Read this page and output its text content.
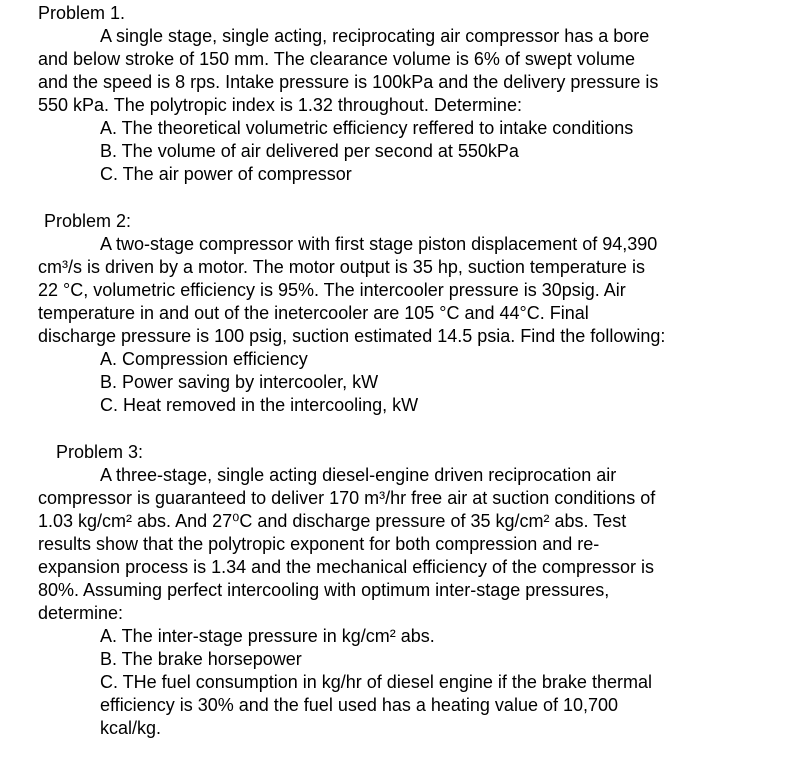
Problem 1.
A single stage, single acting, reciprocating air compressor has a bore
and below stroke of 150 mm. The clearance volume is 6% of swept volume
and the speed is 8 rps. Intake pressure is 100kPa and the delivery pressure is
550 kPa. The polytropic index is 1.32 throughout. Determine:
A. The theoretical volumetric efficiency reffered to intake conditions
B. The volume of air delivered per second at 550kPa
C. The air power of compressor
Problem 2:
A two-stage compressor with first stage piston displacement of 94,390
cm³/s is driven by a motor. The motor output is 35 hp, suction temperature is
22 °C, volumetric efficiency is 95%. The intercooler pressure is 30psig. Air
temperature in and out of the inetercooler are 105 °C and 44°C. Final
discharge pressure is 100 psig, suction estimated 14.5 psia. Find the following:
A. Compression efficiency
B. Power saving by intercooler, kW
C. Heat removed in the intercooling, kW
Problem 3:
A three-stage, single acting diesel-engine driven reciprocation air
compressor is guaranteed to deliver 170 m³/hr free air at suction conditions of
1.03 kg/cm² abs. And 27⁰C and discharge pressure of 35 kg/cm² abs. Test
results show that the polytropic exponent for both compression and re-
expansion process is 1.34 and the mechanical efficiency of the compressor is
80%. Assuming perfect intercooling with optimum inter-stage pressures,
determine:
A. The inter-stage pressure in kg/cm² abs.
B. The brake horsepower
C. THe fuel consumption in kg/hr of diesel engine if the brake thermal
efficiency is 30% and the fuel used has a heating value of 10,700
kcal/kg.
